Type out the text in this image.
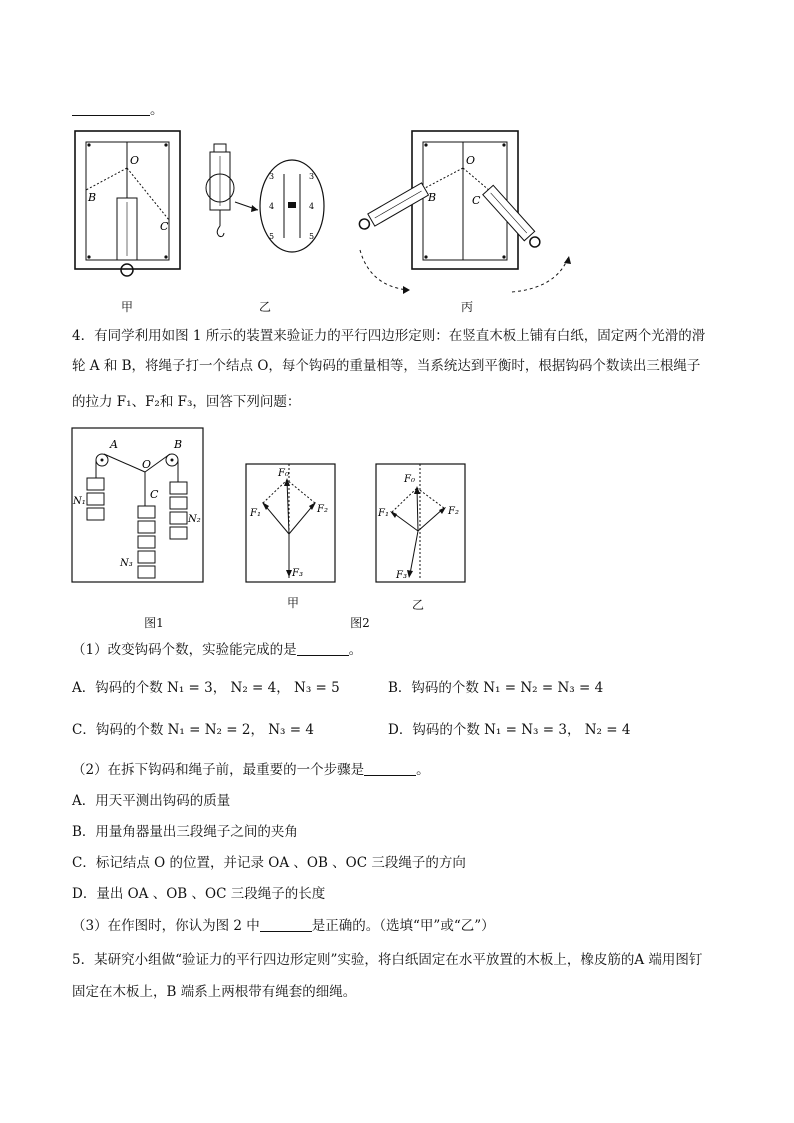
。
O
B
C
3
4
5
3
4
5
O
B	C
甲	乙	丙
4．有同学利用如图 1 所示的装置来验证力的平行四边形定则：在竖直木板上铺有白纸，固定两个光滑的滑
轮 A 和 B，将绳子打一个结点 O，每个钩码的重量相等，当系统达到平衡时，根据钩码个数读出三根绳子
的拉力 F₁、F₂和 F₃，回答下列问题：
A	B
O
C
N₁
N₂
N₃
F₀
F₁	F₂
F₃
F₀
F₁	F₂
F₃
甲	乙
图1	图2
（1）改变钩码个数，实验能完成的是	。
A．钩码的个数 N₁ = 3， N₂ = 4， N₃ = 5	B．钩码的个数 N₁ = N₂ = N₃ = 4
C．钩码的个数 N₁ = N₂ = 2， N₃ = 4	D．钩码的个数 N₁ = N₃ = 3， N₂ = 4
（2）在拆下钩码和绳子前，最重要的一个步骤是	。
A．用天平测出钩码的质量
B．用量角器量出三段绳子之间的夹角
C．标记结点 O 的位置，并记录 OA 、OB 、OC 三段绳子的方向
D．量出 OA 、OB 、OC 三段绳子的长度
（3）在作图时，你认为图 2 中	是正确的。（选填“甲”或“乙”）
5．某研究小组做“验证力的平行四边形定则”实验，将白纸固定在水平放置的木板上，橡皮筋的A 端用图钉
固定在木板上，B 端系上两根带有绳套的细绳。
